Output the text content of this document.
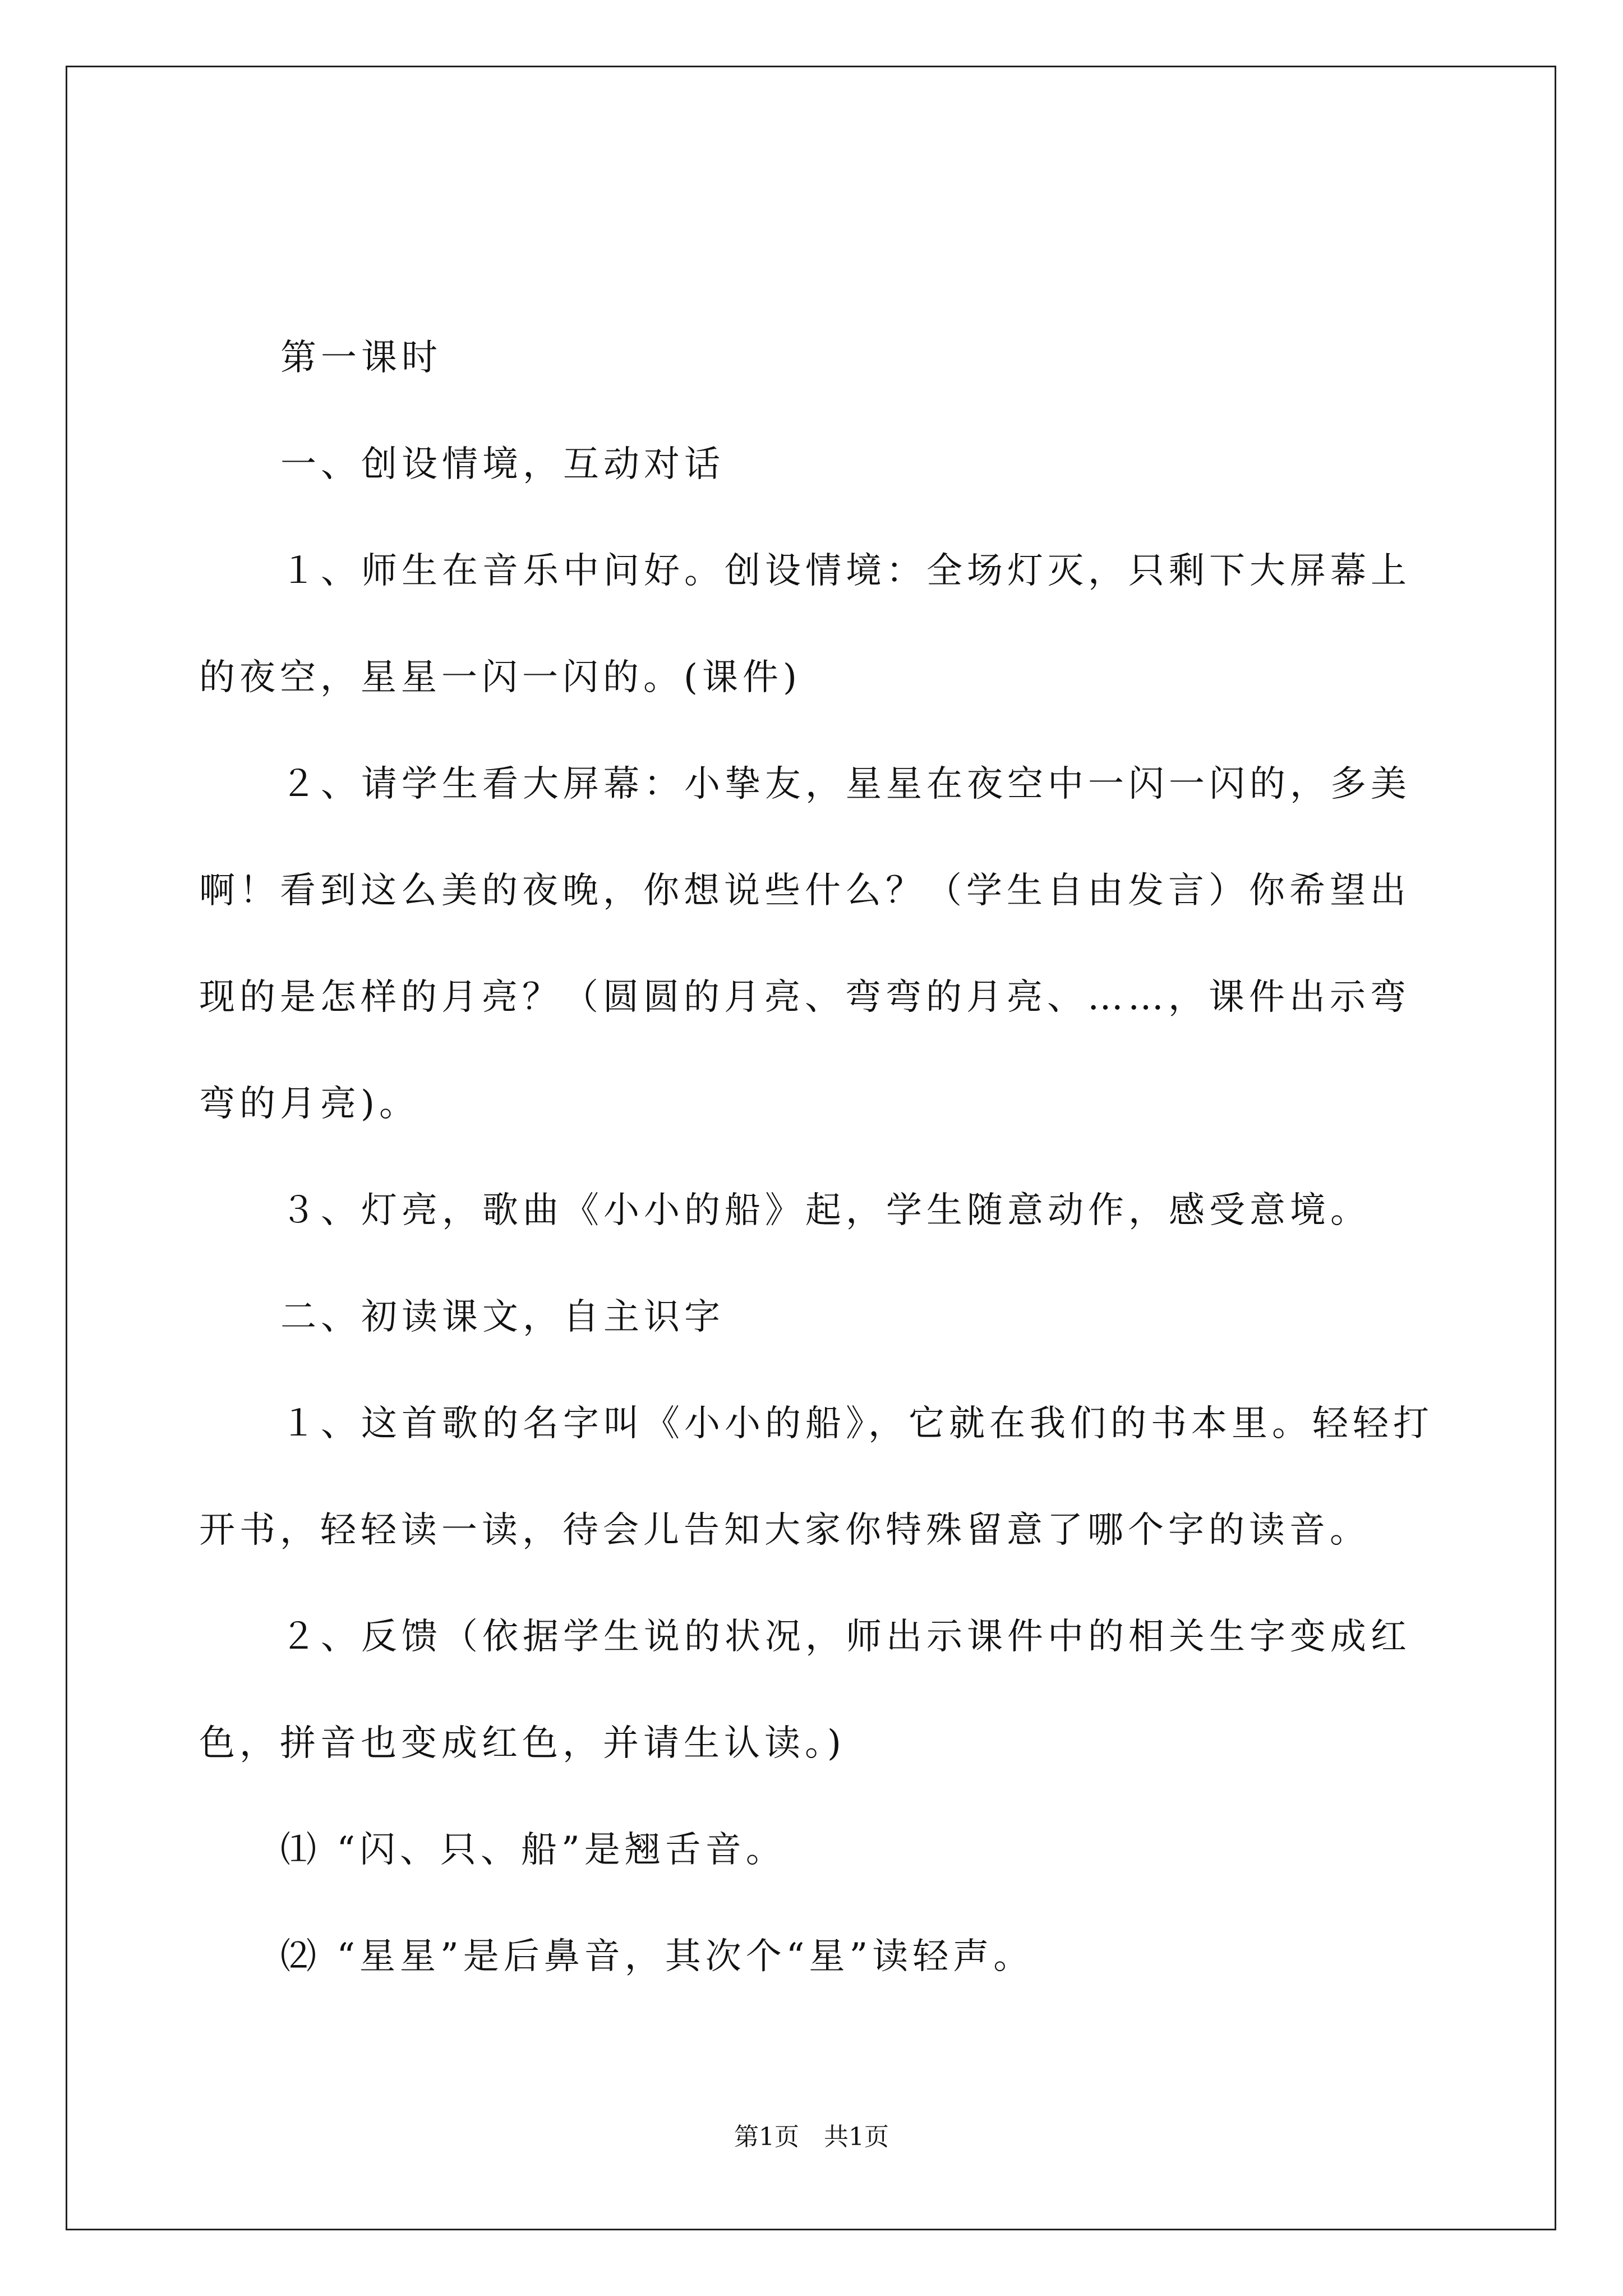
第一课时
一、创设情境，互动对话
１、师生在音乐中问好。创设情境：全场灯灭，只剩下大屏幕上
的夜空，星星一闪一闪的。(课件)
２、请学生看大屏幕：小挚友，星星在夜空中一闪一闪的，多美
啊！看到这么美的夜晚，你想说些什么？（学生自由发言）你希望出
现的是怎样的月亮？（圆圆的月亮、弯弯的月亮、……，课件出示弯
弯的月亮)。
３、灯亮，歌曲《小小的船》起，学生随意动作，感受意境。
二、初读课文，自主识字
１、这首歌的名字叫《小小的船》，它就在我们的书本里。轻轻打
开书，轻轻读一读，待会儿告知大家你特殊留意了哪个字的读音。
２、反馈（依据学生说的状况，师出示课件中的相关生字变成红
色，拼音也变成红色，并请生认读。)
⑴ “闪、只、船”是翘舌音。
⑵ “星星”是后鼻音，其次个“星”读轻声。
第1页　共1页
